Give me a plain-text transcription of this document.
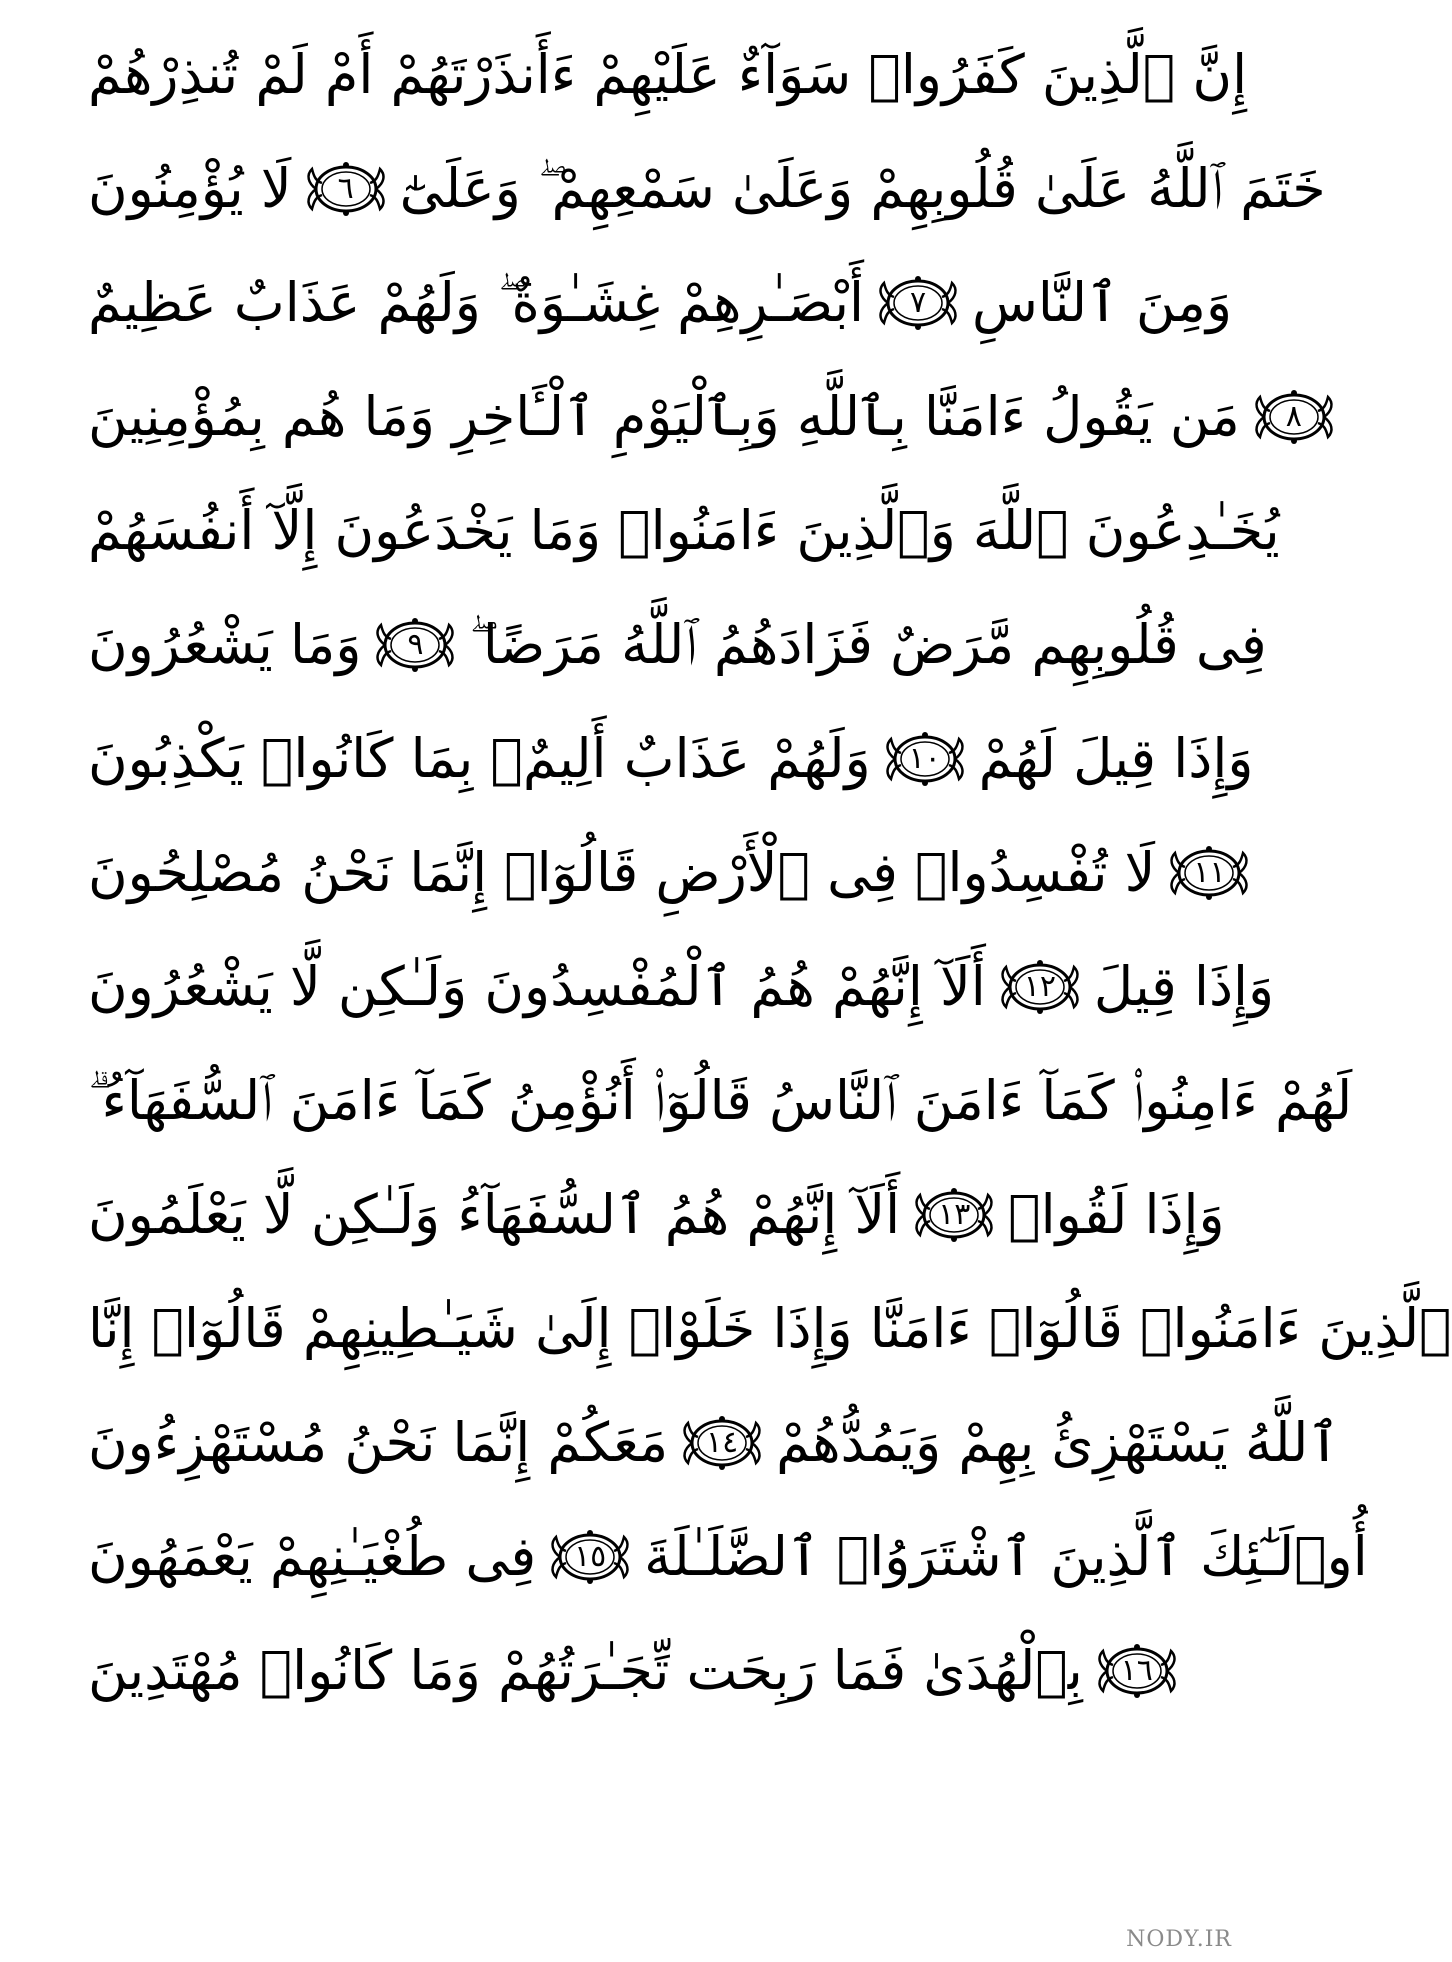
إِنَّ ٱلَّذِينَ كَفَرُوا۟ سَوَآءٌ عَلَيْهِمْ ءَأَنذَرْتَهُمْ أَمْ لَمْ تُنذِرْهُمْ
لَا يُؤْمِنُونَ ٦ خَتَمَ ٱللَّهُ عَلَىٰ قُلُوبِهِمْ وَعَلَىٰ سَمْعِهِمْ ۖ وَعَلَىٰٓ
أَبْصَـٰرِهِمْ غِشَـٰوَةٌ ۖ وَلَهُمْ عَذَابٌ عَظِيمٌ ٧ وَمِنَ ٱلنَّاسِ
مَن يَقُولُ ءَامَنَّا بِٱللَّهِ وَبِٱلْيَوْمِ ٱلْـَٔاخِرِ وَمَا هُم بِمُؤْمِنِينَ ٨
يُخَـٰدِعُونَ ٱللَّهَ وَٱلَّذِينَ ءَامَنُوا۟ وَمَا يَخْدَعُونَ إِلَّآ أَنفُسَهُمْ
وَمَا يَشْعُرُونَ ٩ فِى قُلُوبِهِم مَّرَضٌ فَزَادَهُمُ ٱللَّهُ مَرَضًا ۖ
وَلَهُمْ عَذَابٌ أَلِيمٌۢ بِمَا كَانُوا۟ يَكْذِبُونَ ١٠ وَإِذَا قِيلَ لَهُمْ
لَا تُفْسِدُوا۟ فِى ٱلْأَرْضِ قَالُوٓا۟ إِنَّمَا نَحْنُ مُصْلِحُونَ ١١
أَلَآ إِنَّهُمْ هُمُ ٱلْمُفْسِدُونَ وَلَـٰكِن لَّا يَشْعُرُونَ ١٢ وَإِذَا قِيلَ
لَهُمْ ءَامِنُوا۟ كَمَآ ءَامَنَ ٱلنَّاسُ قَالُوٓا۟ أَنُؤْمِنُ كَمَآ ءَامَنَ ٱلسُّفَهَآءُ ۗ
أَلَآ إِنَّهُمْ هُمُ ٱلسُّفَهَآءُ وَلَـٰكِن لَّا يَعْلَمُونَ ١٣ وَإِذَا لَقُوا۟
ٱلَّذِينَ ءَامَنُوا۟ قَالُوٓا۟ ءَامَنَّا وَإِذَا خَلَوْا۟ إِلَىٰ شَيَـٰطِينِهِمْ قَالُوٓا۟ إِنَّا
مَعَكُمْ إِنَّمَا نَحْنُ مُسْتَهْزِءُونَ ١٤ ٱللَّهُ يَسْتَهْزِئُ بِهِمْ وَيَمُدُّهُمْ
فِى طُغْيَـٰنِهِمْ يَعْمَهُونَ ١٥ أُو۟لَـٰٓئِكَ ٱلَّذِينَ ٱشْتَرَوُا۟ ٱلضَّلَـٰلَةَ
بِٱلْهُدَىٰ فَمَا رَبِحَت تِّجَـٰرَتُهُمْ وَمَا كَانُوا۟ مُهْتَدِينَ ١٦
NODY.IR
